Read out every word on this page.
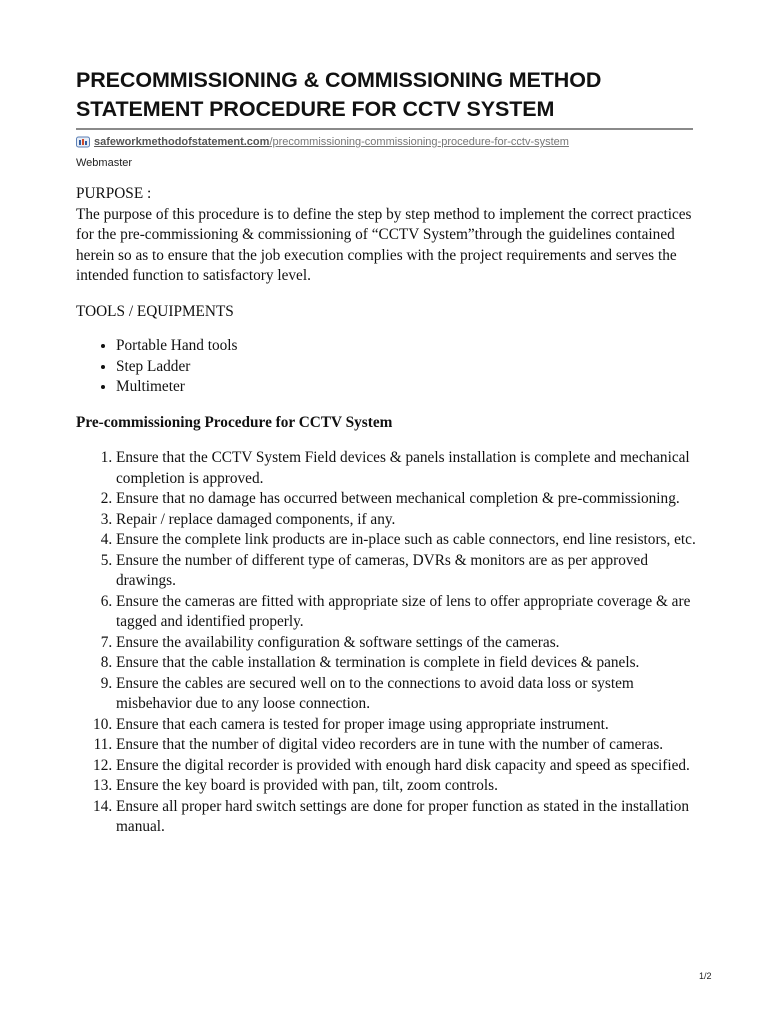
PRECOMMISSIONING & COMMISSIONING METHOD STATEMENT PROCEDURE FOR CCTV SYSTEM
safeworkmethodofstatement.com /precommissioning-commissioning-procedure-for-cctv-system
Webmaster

PURPOSE :

The purpose of this procedure is to define the step by step method to implement the correct practices for the pre-commissioning & commissioning of “CCTV System”through the guidelines contained herein so as to ensure that the job execution complies with the project requirements and serves the intended function to satisfactory level.

TOOLS / EQUIPMENTS

• Portable Hand tools
• Step Ladder
• Multimeter
Pre-commissioning Procedure for CCTV System
1. Ensure that the CCTV System Field devices & panels installation is complete and mechanical completion is approved.
2. Ensure that no damage has occurred between mechanical completion & pre-commissioning.
3. Repair / replace damaged components, if any.
4. Ensure the complete link products are in-place such as cable connectors, end line resistors, etc.
5. Ensure the number of different type of cameras, DVRs & monitors are as per approved drawings.
6. Ensure the cameras are fitted with appropriate size of lens to offer appropriate coverage & are tagged and identified properly.
7. Ensure the availability configuration & software settings of the cameras.
8. Ensure that the cable installation & termination is complete in field devices & panels.
9. Ensure the cables are secured well on to the connections to avoid data loss or system misbehavior due to any loose connection.
10. Ensure that each camera is tested for proper image using appropriate instrument.
11. Ensure that the number of digital video recorders are in tune with the number of cameras.
12. Ensure the digital recorder is provided with enough hard disk capacity and speed as specified.
13. Ensure the key board is provided with pan, tilt, zoom controls.
14. Ensure all proper hard switch settings are done for proper function as stated in the installation manual.
1/2
